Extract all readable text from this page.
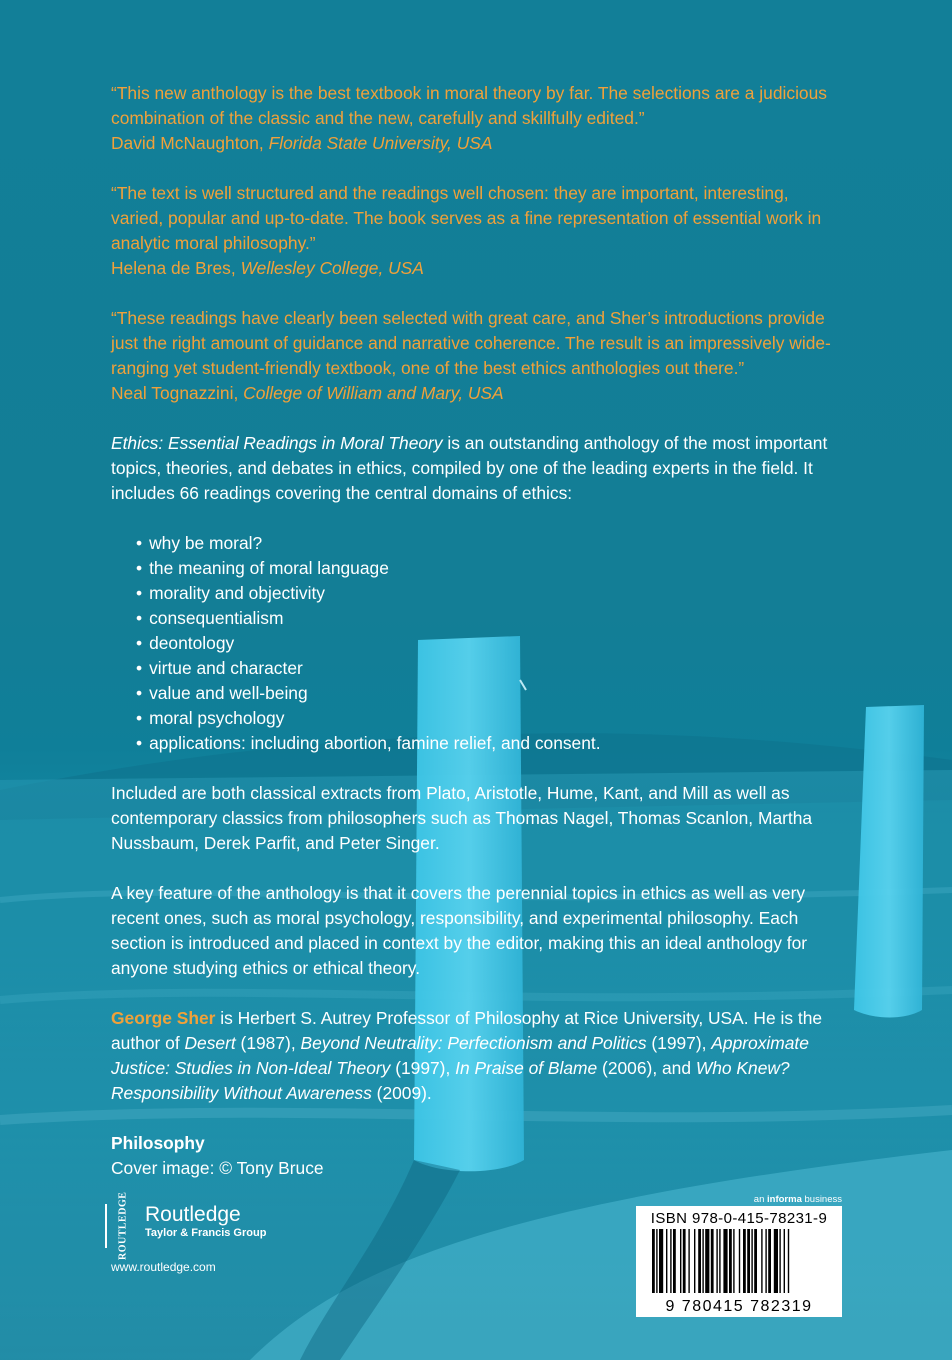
“This new anthology is the best textbook in moral theory by far. The selections are a judicious combination of the classic and the new, carefully and skillfully edited.”

David McNaughton, Florida State University, USA

“The text is well structured and the readings well chosen: they are important, interesting, varied, popular and up-to-date. The book serves as a fine representation of essential work in analytic moral philosophy.”

Helena de Bres, Wellesley College, USA

“These readings have clearly been selected with great care, and Sher’s introductions provide just the right amount of guidance and narrative coherence. The result is an impressively wide-ranging yet student-friendly textbook, one of the best ethics anthologies out there.”

Neal Tognazzini, College of William and Mary, USA

Ethics: Essential Readings in Moral Theory is an outstanding anthology of the most important topics, theories, and debates in ethics, compiled by one of the leading experts in the field. It includes 66 readings covering the central domains of ethics:

• why be moral?
• the meaning of moral language
• morality and objectivity
• consequentialism
• deontology
• virtue and character
• value and well-being
• moral psychology
• applications: including abortion, famine relief, and consent.

Included are both classical extracts from Plato, Aristotle, Hume, Kant, and Mill as well as contemporary classics from philosophers such as Thomas Nagel, Thomas Scanlon, Martha Nussbaum, Derek Parfit, and Peter Singer.

A key feature of the anthology is that it covers the perennial topics in ethics as well as very recent ones, such as moral psychology, responsibility, and experimental philosophy. Each section is introduced and placed in context by the editor, making this an ideal anthology for anyone studying ethics or ethical theory.

George Sher is Herbert S. Autrey Professor of Philosophy at Rice University, USA. He is the author of Desert (1987), Beyond Neutrality: Perfectionism and Politics (1997), Approximate Justice: Studies in Non-Ideal Theory (1997), In Praise of Blame (2006), and Who Knew? Responsibility Without Awareness (2009).

Philosophy

Cover image: © Tony Bruce

ROUTLEDGE Routledge
Taylor & Francis Group
www.routledge.com
an informa business
ISBN 978-0-415-78231-9
9 780415 782319
